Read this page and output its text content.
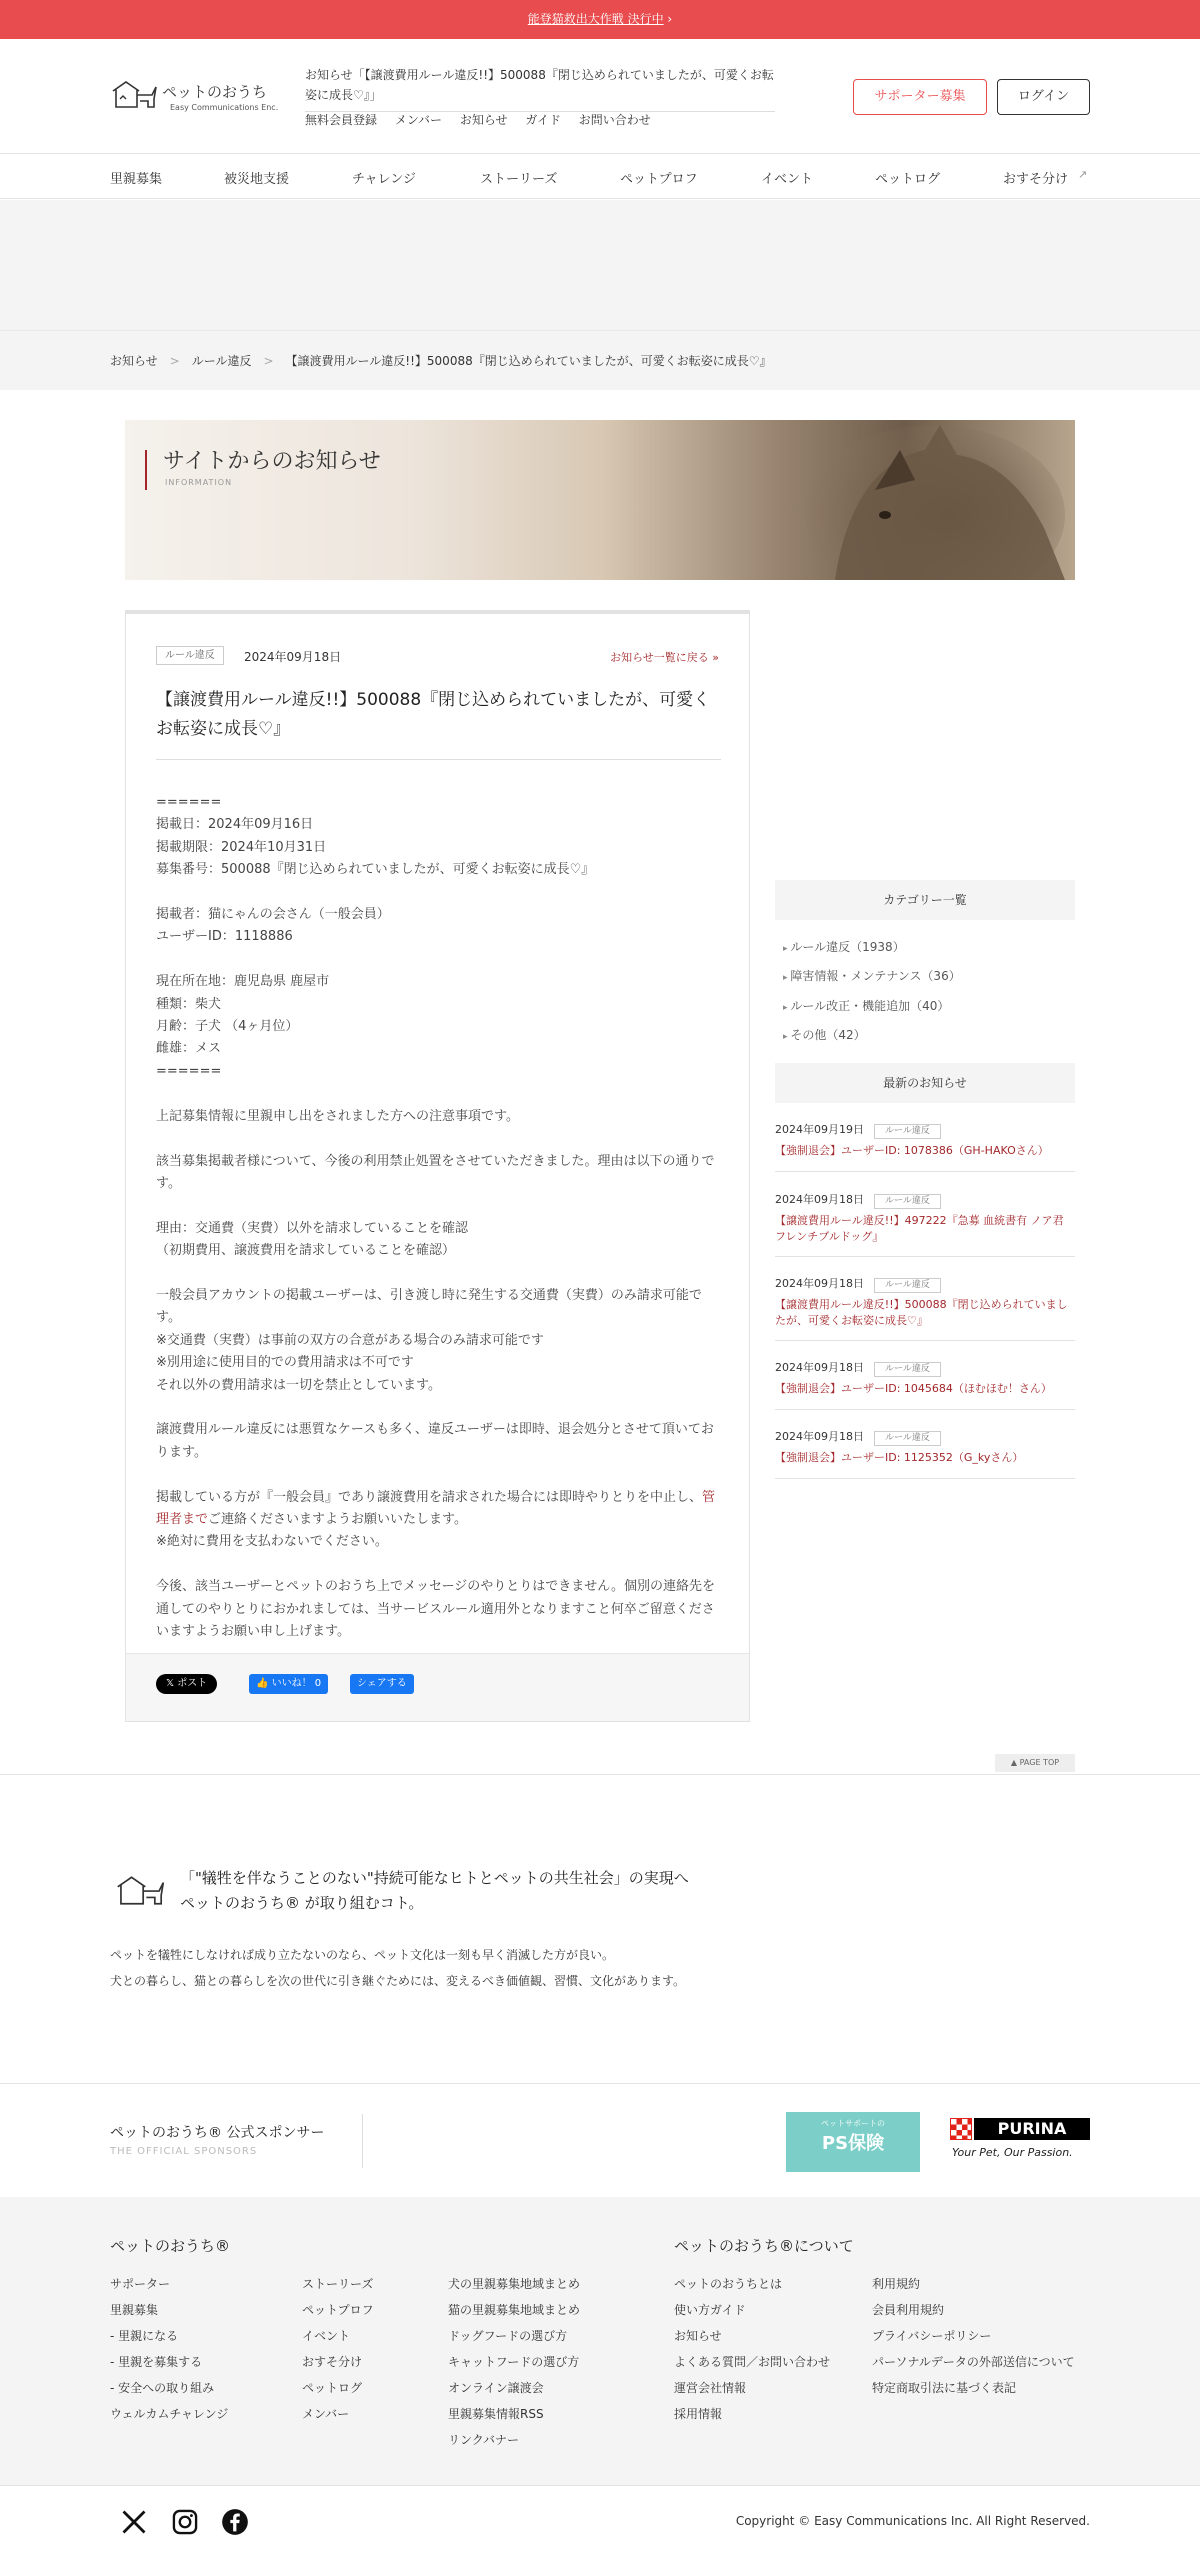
能登猫救出大作戦 決行中 ›
ペットのおうち
Easy Communications Enc.
お知らせ「【譲渡費用ルール違反!!】500088『閉じ込められていましたが、可愛くお転姿に成長♡』」
無料会員登録 メンバー お知らせ ガイド お問い合わせ
サポーター募集	ログイン
里親募集	被災地支援	チャレンジ	ストーリーズ	ペットプロフ	イベント	ペットログ	おすそ分け ↗
お知らせ > ルール違反 > 【譲渡費用ルール違反!!】500088『閉じ込められていましたが、可愛くお転姿に成長♡』
サイトからのお知らせ
INFORMATION
ルール違反	2024年09月18日	お知らせ一覧に戻る »
【譲渡費用ルール違反!!】500088『閉じ込められていましたが、可愛くお転姿に成長♡』

======
掲載日：2024年09月16日
掲載期限：2024年10月31日
募集番号：500088『閉じ込められていましたが、可愛くお転姿に成長♡』

掲載者：猫にゃんの会さん（一般会員）
ユーザーID：1118886

現在所在地：鹿児島県 鹿屋市
種類：柴犬
月齢：子犬 （4ヶ月位）
雌雄：メス
======

上記募集情報に里親申し出をされました方への注意事項です。

該当募集掲載者様について、今後の利用禁止処置をさせていただきました。理由は以下の通りです。

理由：交通費（実費）以外を請求していることを確認
（初期費用、譲渡費用を請求していることを確認）

一般会員アカウントの掲載ユーザーは、引き渡し時に発生する交通費（実費）のみ請求可能です。
※交通費（実費）は事前の双方の合意がある場合のみ請求可能です
※別用途に使用目的での費用請求は不可です
それ以外の費用請求は一切を禁止としています。

譲渡費用ルール違反には悪質なケースも多く、違反ユーザーは即時、退会処分とさせて頂いております。

掲載している方が『一般会員』であり譲渡費用を請求された場合には即時やりとりを中止し、管理者までご連絡くださいますようお願いいたします。
※絶対に費用を支払わないでください。

今後、該当ユーザーとペットのおうち上でメッセージのやりとりはできません。個別の連絡先を通してのやりとりにおかれましては、当サービスルール適用外となりますこと何卒ご留意くださいますようお願い申し上げます。

𝕏 ポスト	👍 いいね！ 0	シェアする
カテゴリー一覧
▸ ルール違反（1938）
▸ 障害情報・メンテナンス（36）
▸ ルール改正・機能追加（40）
▸ その他（42）
最新のお知らせ
2024年09月19日 ルール違反
【強制退会】ユーザーID: 1078386（GH-HAKOさん）
2024年09月18日 ルール違反
【譲渡費用ルール違反!!】497222『急募 血統書有 ノア君 フレンチブルドッグ』
2024年09月18日 ルール違反
【譲渡費用ルール違反!!】500088『閉じ込められていましたが、可愛くお転姿に成長♡』
2024年09月18日 ルール違反
【強制退会】ユーザーID: 1045684（ほむほむ！さん）
2024年09月18日 ルール違反
【強制退会】ユーザーID: 1125352（G_kyさん）
▲ PAGE TOP
「"犠牲を伴なうことのない"持続可能なヒトとペットの共生社会」の実現へ
ペットのおうち® が取り組むコト。
ペットを犠牲にしなければ成り立たないのなら、ペット文化は一刻も早く消滅した方が良い。
犬との暮らし、猫との暮らしを次の世代に引き継ぐためには、変えるべき価値観、習慣、文化があります。
ペットのおうち® 公式スポンサー
THE OFFICIAL SPONSORS
ペットサポートの
PS保険
PURINA
Your Pet, Our Passion.
ペットのおうち®	ペットのおうち®について
サポーター
里親募集
- 里親になる
- 里親を募集する
- 安全への取り組み
ウェルカムチャレンジ
ストーリーズ
ペットプロフ
イベント
おすそ分け
ペットログ
メンバー
犬の里親募集地域まとめ
猫の里親募集地域まとめ
ドッグフードの選び方
キャットフードの選び方
オンライン譲渡会
里親募集情報RSS
リンクバナー
ペットのおうちとは
使い方ガイド
お知らせ
よくある質問／お問い合わせ
運営会社情報
採用情報
利用規約
会員利用規約
プライバシーポリシー
パーソナルデータの外部送信について
特定商取引法に基づく表記
Copyright © Easy Communications Inc. All Right Reserved.
